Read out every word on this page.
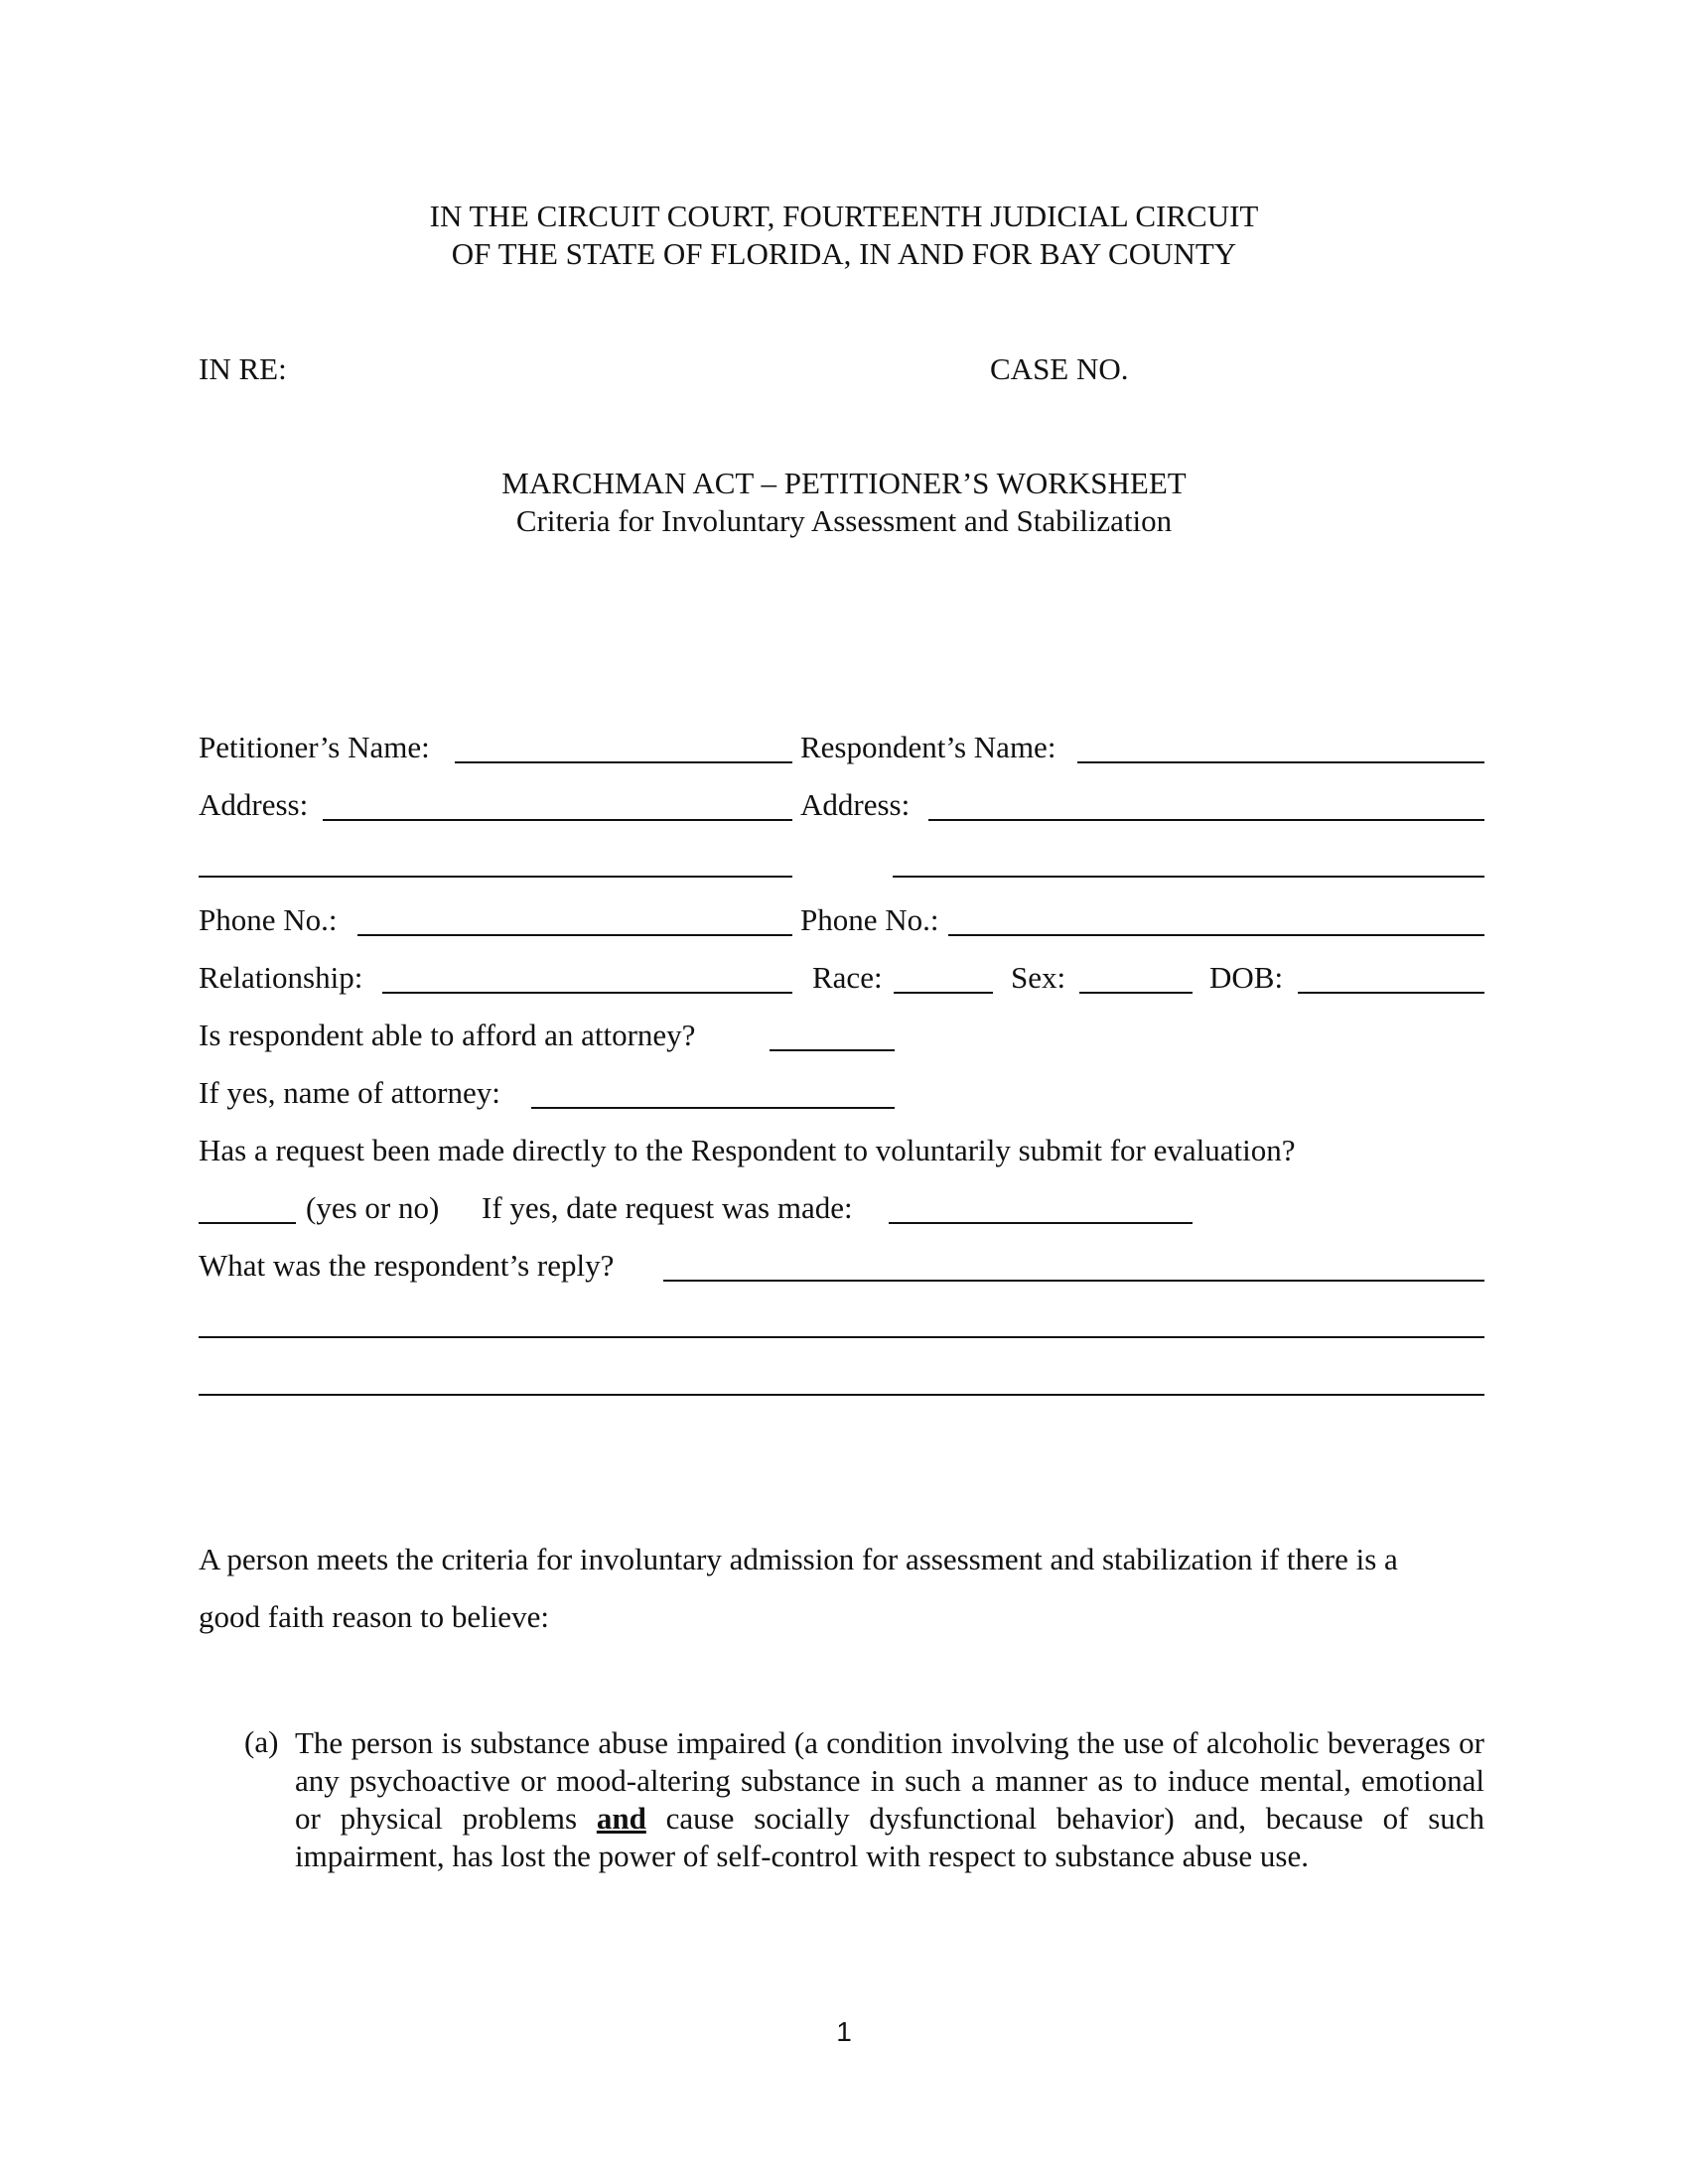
IN THE CIRCUIT COURT, FOURTEENTH JUDICIAL CIRCUIT
OF THE STATE OF FLORIDA, IN AND FOR BAY COUNTY
IN RE:	CASE NO.
MARCHMAN ACT – PETITIONER’S WORKSHEET
Criteria for Involuntary Assessment and Stabilization
Petitioner’s Name:	Respondent’s Name:
Address:	Address:
Phone No.:	Phone No.:
Relationship:	Race:	Sex:	DOB:
Is respondent able to afford an attorney?
If yes, name of attorney:
Has a request been made directly to the Respondent to voluntarily submit for evaluation?
(yes or no) If yes, date request was made:
What was the respondent’s reply?
A person meets the criteria for involuntary admission for assessment and stabilization if there is a
good faith reason to believe:
(a) The person is substance abuse impaired (a condition involving the use of alcoholic beverages or any psychoactive or mood-altering substance in such a manner as to induce mental, emotional or physical problems and cause socially dysfunctional behavior) and, because of such impairment, has lost the power of self-control with respect to substance abuse use.
1
